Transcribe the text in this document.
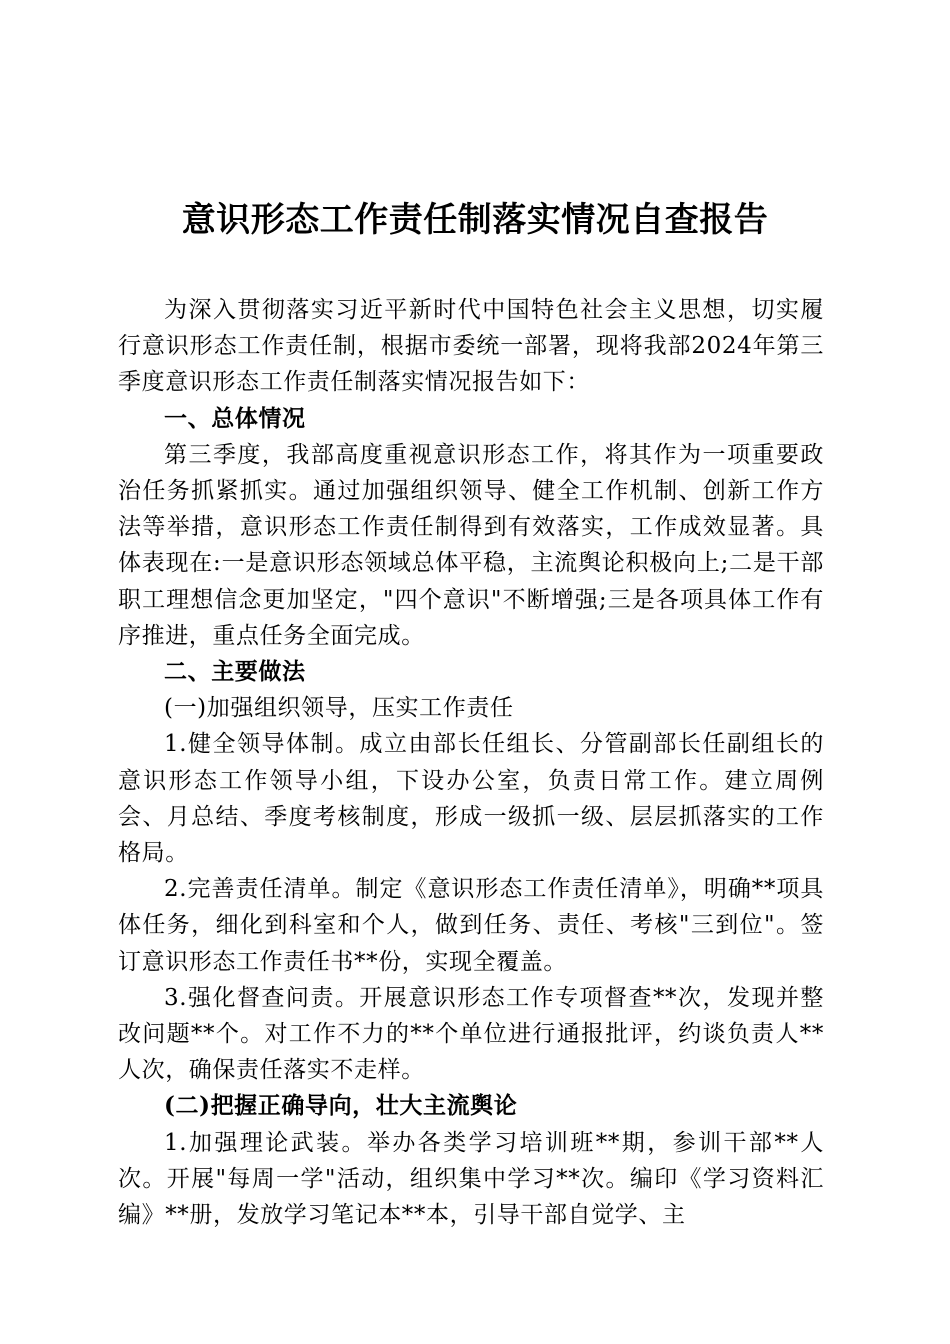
意识形态工作责任制落实情况自查报告

为深入贯彻落实习近平新时代中国特色社会主义思想，切实履行意识形态工作责任制，根据市委统一部署，现将我部2024年第三季度意识形态工作责任制落实情况报告如下：

一、总体情况

第三季度，我部高度重视意识形态工作，将其作为一项重要政治任务抓紧抓实。通过加强组织领导、健全工作机制、创新工作方法等举措，意识形态工作责任制得到有效落实，工作成效显著。具体表现在:一是意识形态领域总体平稳，主流舆论积极向上;二是干部职工理想信念更加坚定，"四个意识"不断增强;三是各项具体工作有序推进，重点任务全面完成。

二、主要做法

(一)加强组织领导，压实工作责任

1.健全领导体制。成立由部长任组长、分管副部长任副组长的意识形态工作领导小组，下设办公室，负责日常工作。建立周例会、月总结、季度考核制度，形成一级抓一级、层层抓落实的工作格局。

2.完善责任清单。制定《意识形态工作责任清单》，明确**项具体任务，细化到科室和个人，做到任务、责任、考核"三到位"。签订意识形态工作责任书**份，实现全覆盖。

3.强化督查问责。开展意识形态工作专项督查**次，发现并整改问题**个。对工作不力的**个单位进行通报批评，约谈负责人**人次，确保责任落实不走样。

(二)把握正确导向，壮大主流舆论

1.加强理论武装。举办各类学习培训班**期，参训干部**人次。开展"每周一学"活动，组织集中学习**次。编印《学习资料汇编》**册，发放学习笔记本**本，引导干部自觉学、主
